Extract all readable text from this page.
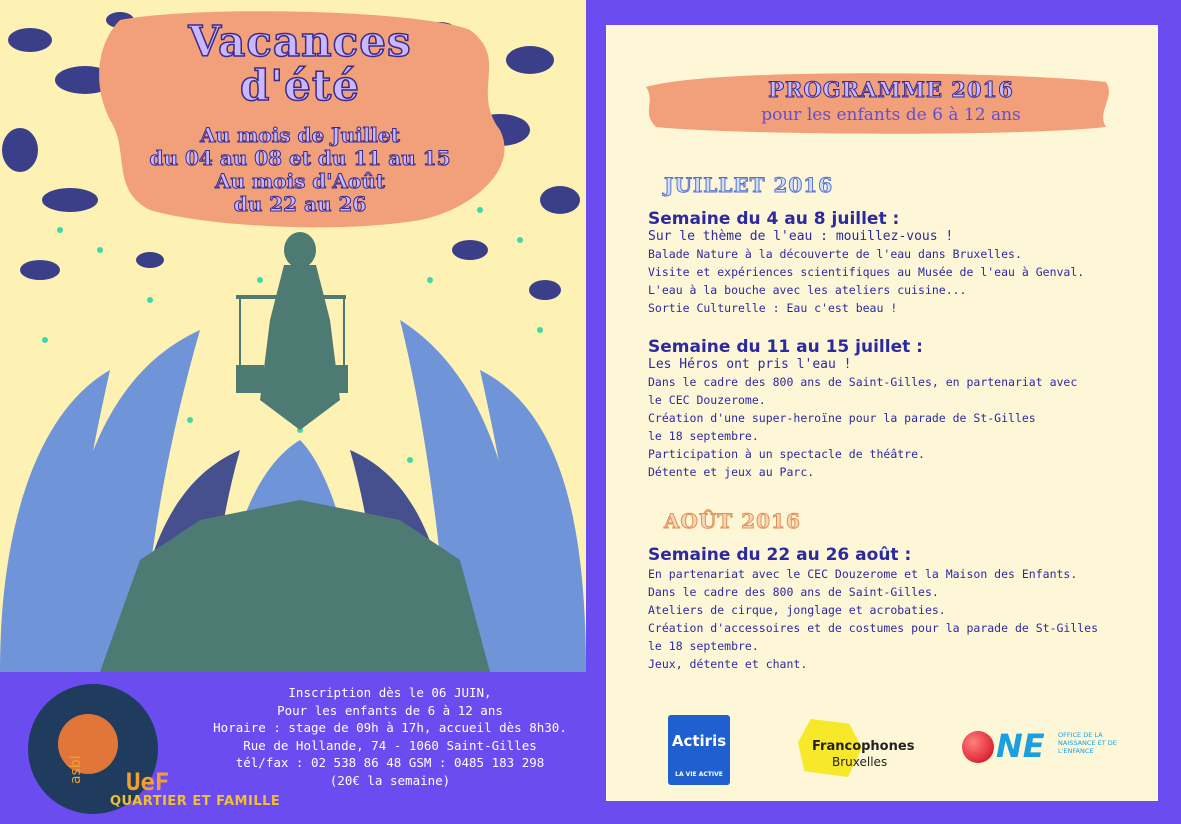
Vacances
d'été
Au mois de Juillet
du 04 au 08 et du 11 au 15
Au mois d'Août
du 22 au 26
UeF
asbl
QUARTIER ET FAMILLE
Inscription dès le 06 JUIN,
Pour les enfants de 6 à 12 ans
Horaire : stage de 09h à 17h, accueil dès 8h30.
Rue de Hollande, 74 - 1060 Saint-Gilles
tél/fax : 02 538 86 48 GSM : 0485 183 298
(20€ la semaine)
PROGRAMME 2016
pour les enfants de 6 à 12 ans
JUILLET 2016
Semaine du 4 au 8 juillet :
Sur le thème de l'eau : mouillez-vous !
Balade Nature à la découverte de l'eau dans Bruxelles.
Visite et expériences scientifiques au Musée de l'eau à Genval.
L'eau à la bouche avec les ateliers cuisine...
Sortie Culturelle : Eau c'est beau !
Semaine du 11 au 15 juillet :
Les Héros ont pris l'eau !
Dans le cadre des 800 ans de Saint-Gilles, en partenariat avec
le CEC Douzerome.
Création d'une super-heroïne pour la parade de St-Gilles
le 18 septembre.
Participation à un spectacle de théâtre.
Détente et jeux au Parc.
AOÛT 2016
Semaine du 22 au 26 août :
En partenariat avec le CEC Douzerome et la Maison des Enfants.
Dans le cadre des 800 ans de Saint-Gilles.
Ateliers de cirque, jonglage et acrobaties.
Création d'accessoires et de costumes pour la parade de St-Gilles
le 18 septembre.
Jeux, détente et chant.
Actiris
LA VIE ACTIVE
Francophones
Bruxelles	NE OFFICE DE LA NAISSANCE ET DE L'ENFANCE
